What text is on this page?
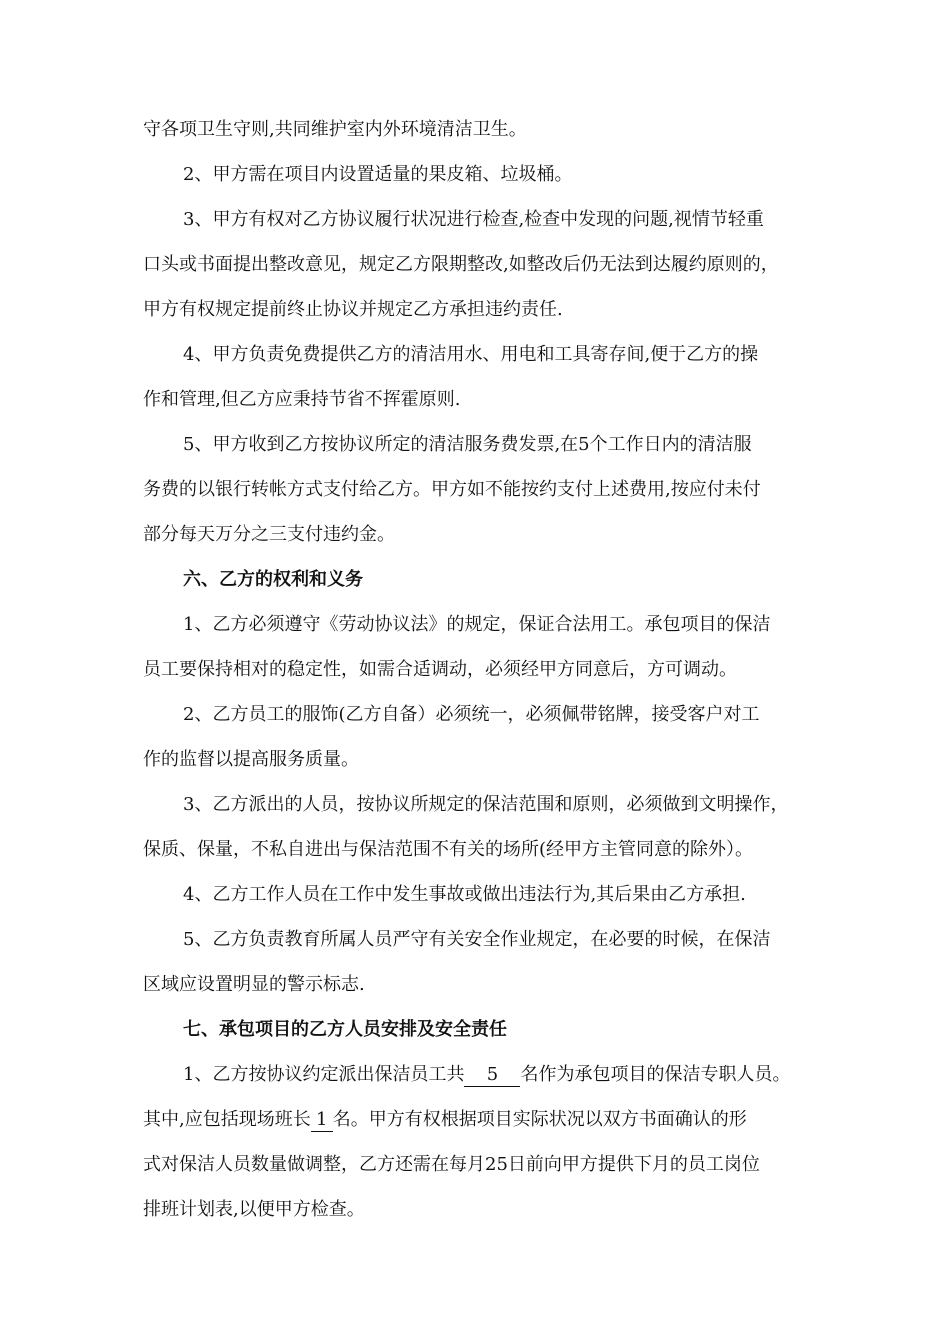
守各项卫生守则,共同维护室内外环境清洁卫生。
2、甲方需在项目内设置适量的果皮箱、垃圾桶。
3、甲方有权对乙方协议履行状况进行检查,检查中发现的问题,视情节轻重
口头或书面提出整改意见，规定乙方限期整改,如整改后仍无法到达履约原则的，
甲方有权规定提前终止协议并规定乙方承担违约责任.
4、甲方负责免费提供乙方的清洁用水、用电和工具寄存间,便于乙方的操
作和管理,但乙方应秉持节省不挥霍原则.
5、甲方收到乙方按协议所定的清洁服务费发票,在5个工作日内的清洁服
务费的以银行转帐方式支付给乙方。甲方如不能按约支付上述费用,按应付未付
部分每天万分之三支付违约金。
六、乙方的权利和义务
1、乙方必须遵守《劳动协议法》的规定，保证合法用工。承包项目的保洁
员工要保持相对的稳定性，如需合适调动，必须经甲方同意后，方可调动。
2、乙方员工的服饰(乙方自备）必须统一，必须佩带铭牌，接受客户对工
作的监督以提高服务质量。
3、乙方派出的人员，按协议所规定的保洁范围和原则，必须做到文明操作，
保质、保量，不私自进出与保洁范围不有关的场所(经甲方主管同意的除外）。
4、乙方工作人员在工作中发生事故或做出违法行为,其后果由乙方承担.
5、乙方负责教育所属人员严守有关安全作业规定，在必要的时候，在保洁
区域应设置明显的警示标志.
七、承包项目的乙方人员安排及安全责任
1、乙方按协议约定派出保洁员工共 5 名作为承包项目的保洁专职人员。
其中,应包括现场班长 1 名。甲方有权根据项目实际状况以双方书面确认的形
式对保洁人员数量做调整，乙方还需在每月25日前向甲方提供下月的员工岗位
排班计划表,以便甲方检查。
